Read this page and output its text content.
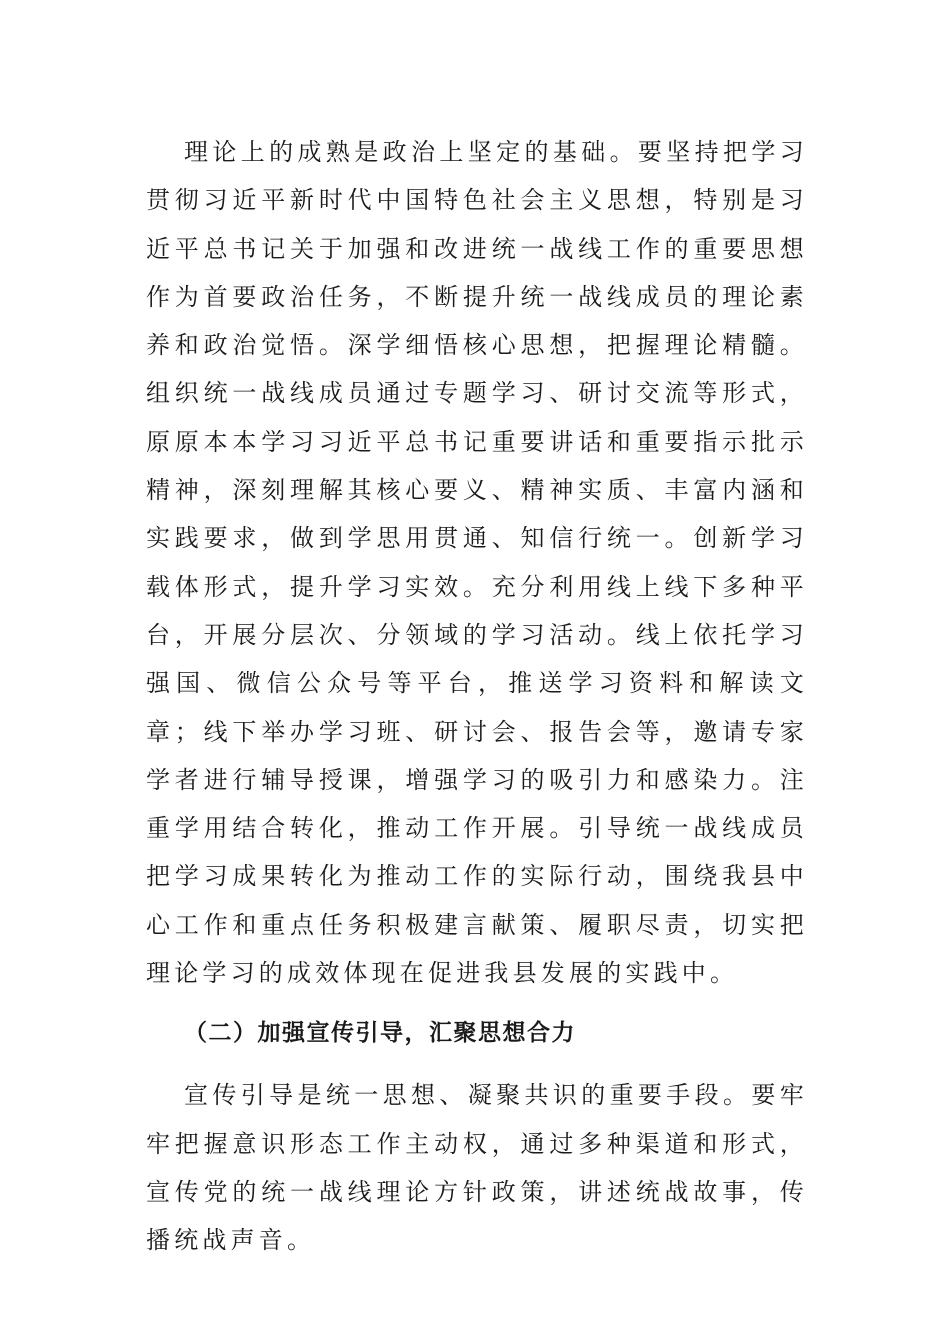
理论上的成熟是政治上坚定的基础。要坚持把学习贯彻习近平新时代中国特色社会主义思想，特别是习近平总书记关于加强和改进统一战线工作的重要思想作为首要政治任务，不断提升统一战线成员的理论素养和政治觉悟。深学细悟核心思想，把握理论精髓。组织统一战线成员通过专题学习、研讨交流等形式，原原本本学习习近平总书记重要讲话和重要指示批示精神，深刻理解其核心要义、精神实质、丰富内涵和实践要求，做到学思用贯通、知信行统一。创新学习载体形式，提升学习实效。充分利用线上线下多种平台，开展分层次、分领域的学习活动。线上依托学习强国、微信公众号等平台，推送学习资料和解读文章；线下举办学习班、研讨会、报告会等，邀请专家学者进行辅导授课，增强学习的吸引力和感染力。注重学用结合转化，推动工作开展。引导统一战线成员把学习成果转化为推动工作的实际行动，围绕我县中心工作和重点任务积极建言献策、履职尽责，切实把理论学习的成效体现在促进我县发展的实践中。

（二）加强宣传引导，汇聚思想合力

宣传引导是统一思想、凝聚共识的重要手段。要牢牢把握意识形态工作主动权，通过多种渠道和形式，宣传党的统一战线理论方针政策，讲述统战故事，传播统战声音。
